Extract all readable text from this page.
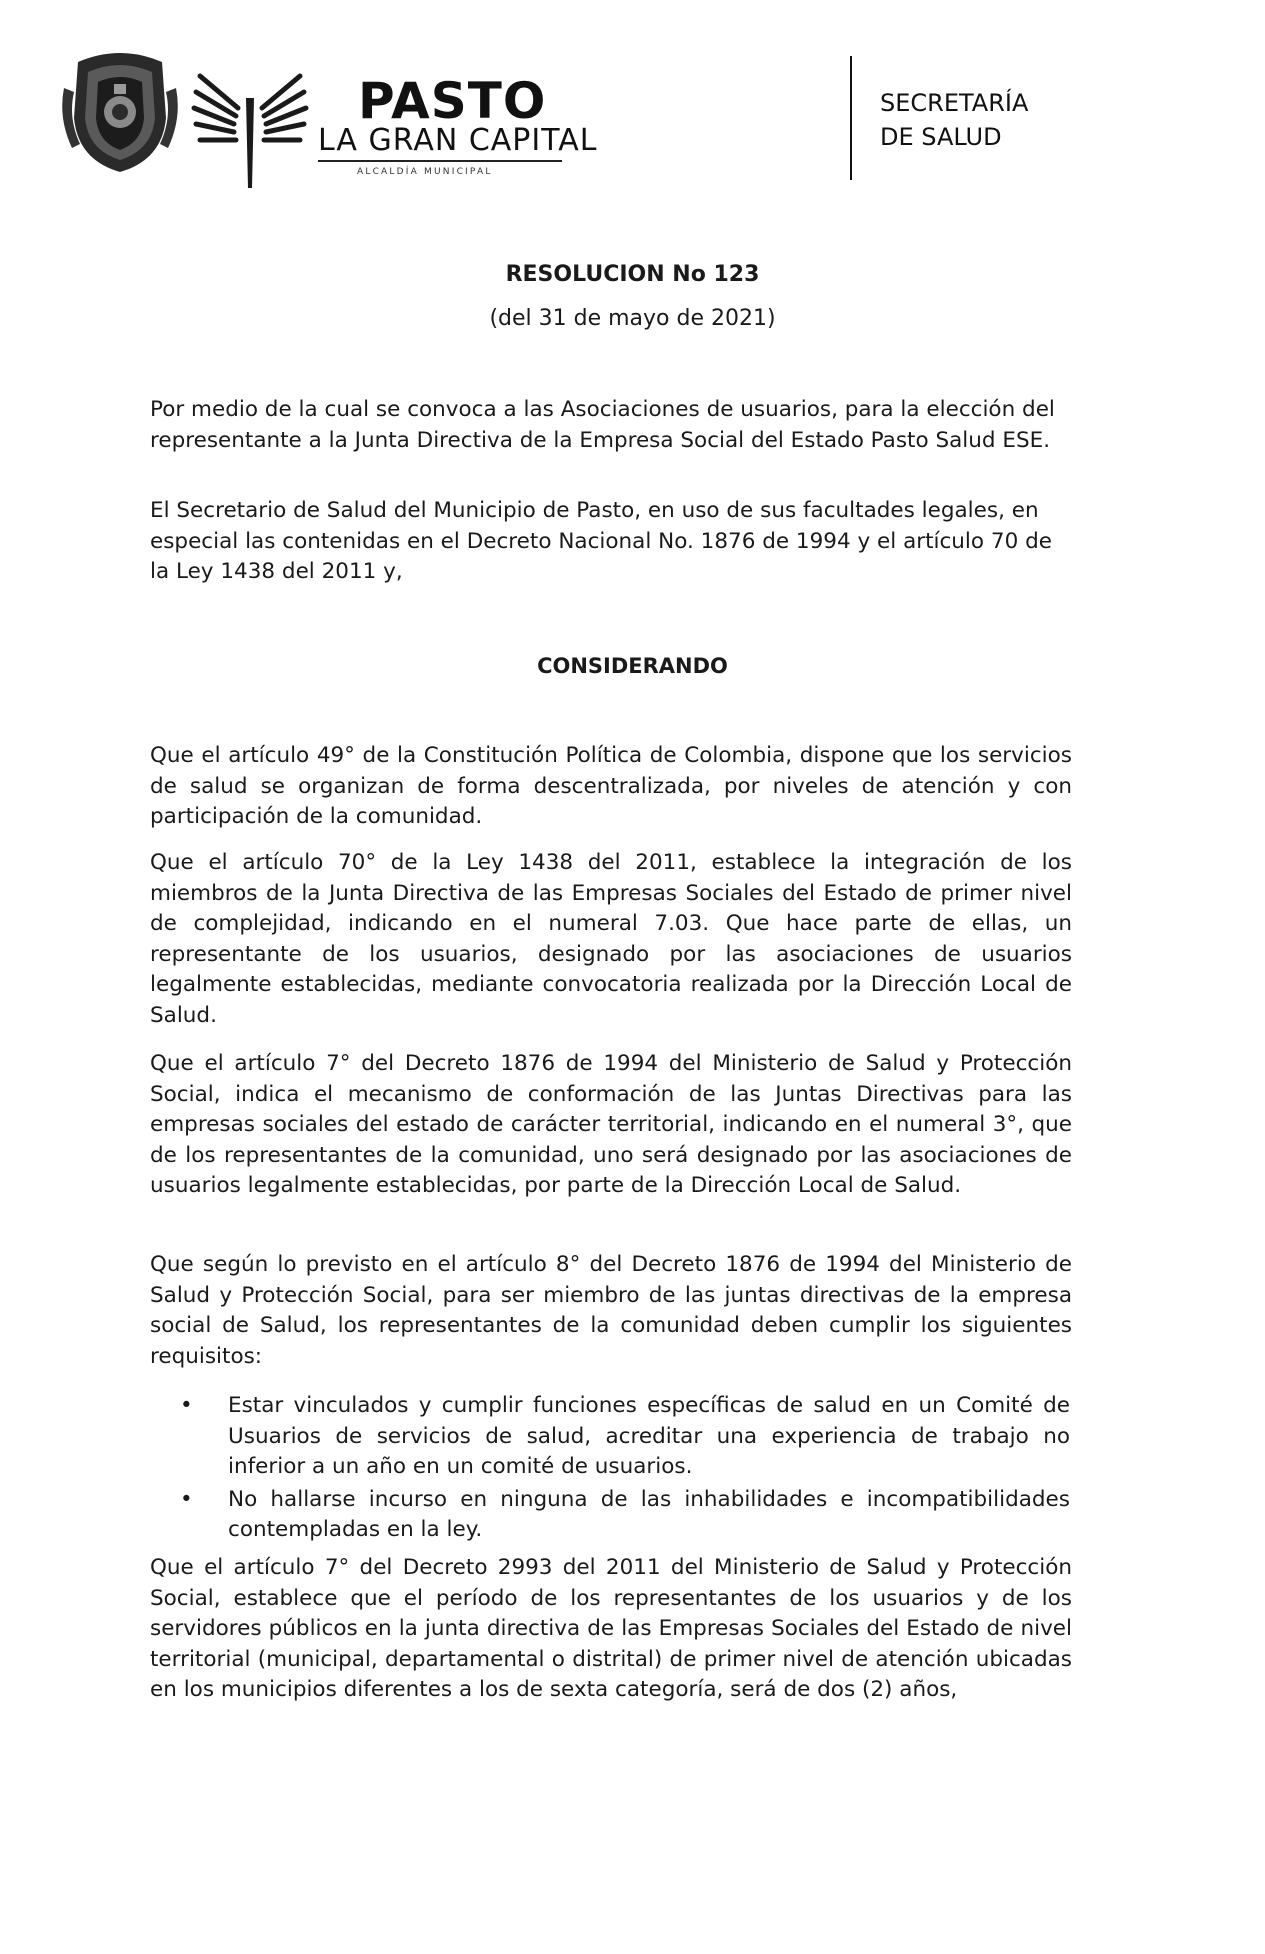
PASTO
LA GRAN CAPITAL
ALCALDÍA MUNICIPAL
SECRETARÍA
DE SALUD
RESOLUCION No 123
(del 31 de mayo de 2021)

Por medio de la cual se convoca a las Asociaciones de usuarios, para la elección del representante a la Junta Directiva de la Empresa Social del Estado Pasto Salud ESE.

El Secretario de Salud del Municipio de Pasto, en uso de sus facultades legales, en especial las contenidas en el Decreto Nacional No. 1876 de 1994 y el artículo 70 de la Ley 1438 del 2011 y,

CONSIDERANDO

Que el artículo 49° de la Constitución Política de Colombia, dispone que los servicios de salud se organizan de forma descentralizada, por niveles de atención y con participación de la comunidad.

Que el artículo 70° de la Ley 1438 del 2011, establece la integración de los miembros de la Junta Directiva de las Empresas Sociales del Estado de primer nivel de complejidad, indicando en el numeral 7.03. Que hace parte de ellas, un representante de los usuarios, designado por las asociaciones de usuarios legalmente establecidas, mediante convocatoria realizada por la Dirección Local de Salud.

Que el artículo 7° del Decreto 1876 de 1994 del Ministerio de Salud y Protección Social, indica el mecanismo de conformación de las Juntas Directivas para las empresas sociales del estado de carácter territorial, indicando en el numeral 3°, que de los representantes de la comunidad, uno será designado por las asociaciones de usuarios legalmente establecidas, por parte de la Dirección Local de Salud.

Que según lo previsto en el artículo 8° del Decreto 1876 de 1994 del Ministerio de Salud y Protección Social, para ser miembro de las juntas directivas de la empresa social de Salud, los representantes de la comunidad deben cumplir los siguientes requisitos:

•	Estar vinculados y cumplir funciones específicas de salud en un Comité de Usuarios de servicios de salud, acreditar una experiencia de trabajo no inferior a un año en un comité de usuarios.
•	No hallarse incurso en ninguna de las inhabilidades e incompatibilidades contempladas en la ley.

Que el artículo 7° del Decreto 2993 del 2011 del Ministerio de Salud y Protección Social, establece que el período de los representantes de los usuarios y de los servidores públicos en la junta directiva de las Empresas Sociales del Estado de nivel territorial (municipal, departamental o distrital) de primer nivel de atención ubicadas en los municipios diferentes a los de sexta categoría, será de dos (2) años,
